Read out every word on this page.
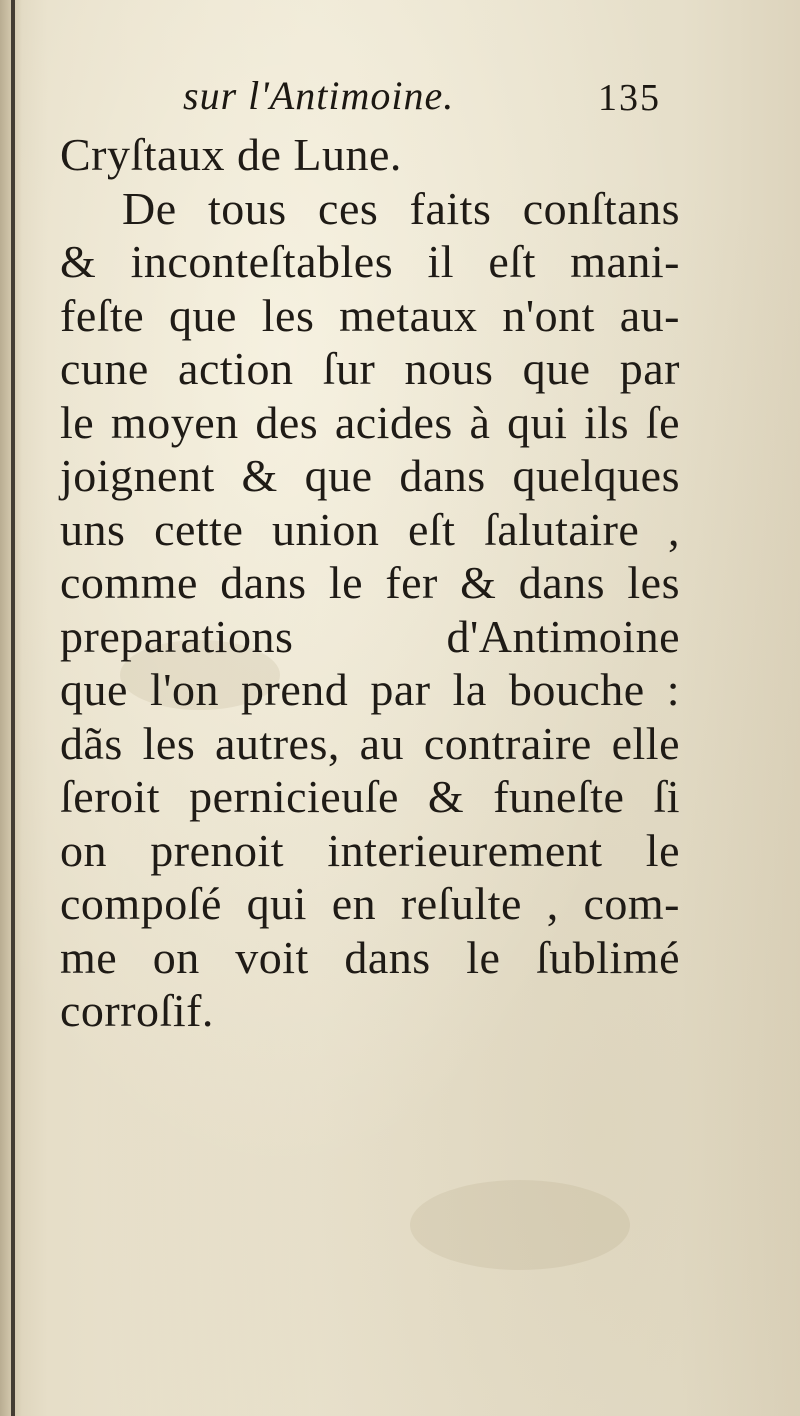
sur l'Antimoine.	135
Cryſtaux de Lune.
De tous ces faits conſtans
& inconteſtables il eſt mani-
feſte que les metaux n'ont au-
cune action ſur nous que par
le moyen des acides à qui ils ſe
joignent & que dans quelques
uns cette union eſt ſalutaire ,
comme dans le fer & dans les
preparations d'Antimoine
que l'on prend par la bouche :
dãs les autres, au contraire elle
ſeroit pernicieuſe & funeſte ſi
on prenoit interieurement le
compoſé qui en reſulte , com-
me on voit dans le ſublimé
corroſif.
